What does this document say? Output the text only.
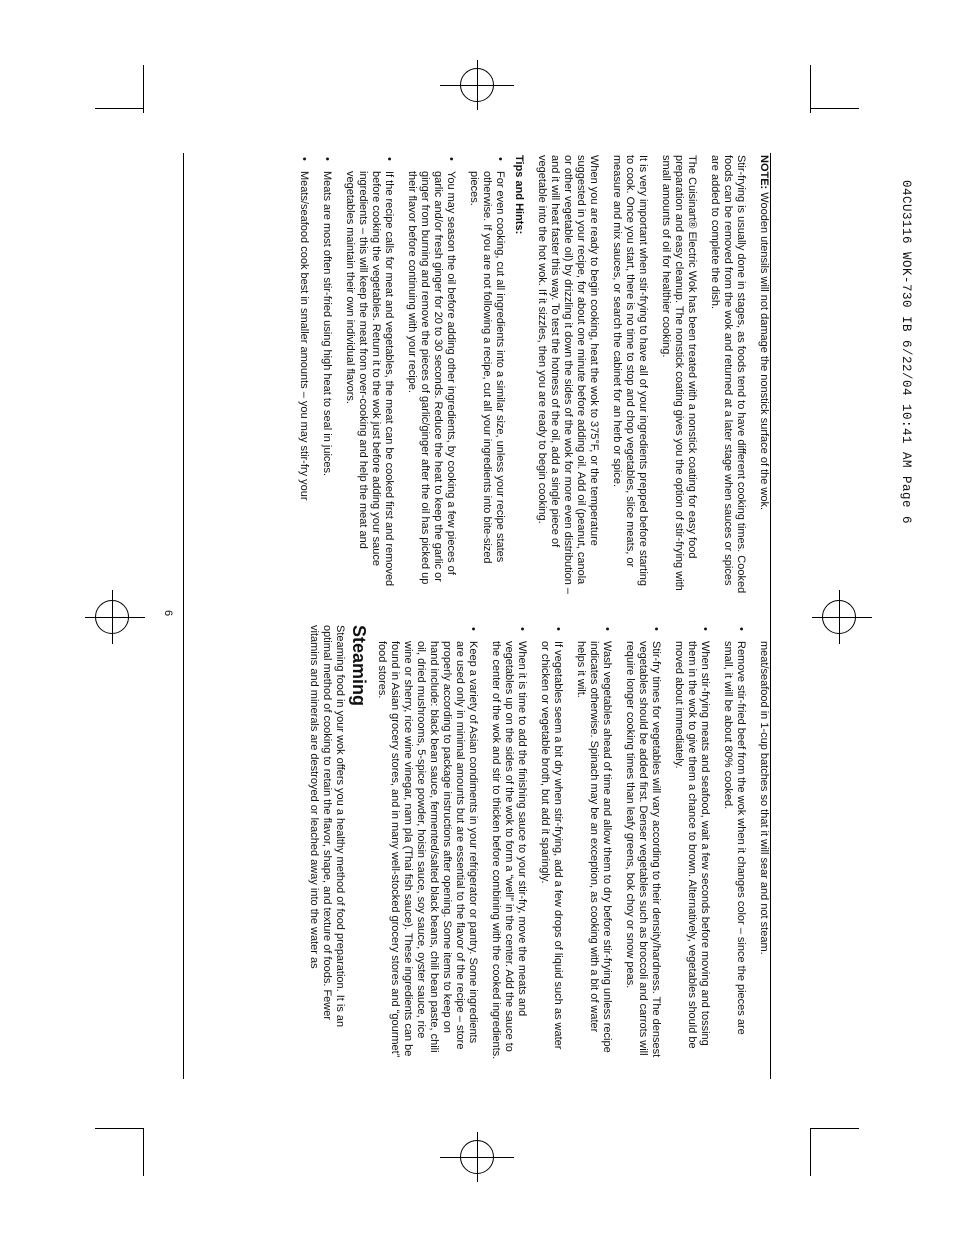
04CU3116 WOK-730 IB 6/22/04 10:41 AM Page 6
6

NOTE: Wooden utensils will not damage the nonstick surface of the wok.

Stir-frying is usually done in stages, as foods tend to have different cooking times. Cooked foods can be removed from the wok and returned at a later stage when sauces or spices are added to complete the dish.

The Cuisinart® Electric Wok has been treated with a nonstick coating for easy food preparation and easy cleanup. The nonstick coating gives you the option of stir-frying with small amounts of oil for healthier cooking.

It is very important when stir-frying to have all of your ingredients prepped before starting to cook. Once you start, there is no time to stop and chop vegetables, slice meats, or measure and mix sauces, or search the cabinet for an herb or spice.

When you are ready to begin cooking, heat the wok to 375°F, or the temperature suggested in your recipe, for about one minute before adding oil. Add oil (peanut, canola or other vegetable oil) by drizzling it down the sides of the wok for more even distribution – and it will heat faster this way. To test the hotness of the oil, add a single piece of vegetable into the hot wok. If it sizzles, then you are ready to begin cooking.

Tips and Hints:
• For even cooking, cut all ingredients into a similar size, unless your recipe states otherwise. If you are not following a recipe, cut all your ingredients into bite-sized pieces.
• You may season the oil before adding other ingredients, by cooking a few pieces of garlic and/or fresh ginger for 20 to 30 seconds. Reduce the heat to keep the garlic or ginger from burning and remove the pieces of garlic/ginger after the oil has picked up their flavor before continuing with your recipe.
• If the recipe calls for meat and vegetables, the meat can be cooked first and removed before cooking the vegetables. Return it to the wok just before adding your sauce ingredients – this will keep the meat from over-cooking and help the meat and vegetables maintain their own individual flavors.
• Meats are most often stir-fried using high heat to seal in juices.
• Meats/seafood cook best in smaller amounts – you may stir-fry your

meat/seafood in 1-cup batches so that it will sear and not steam.

• Remove stir-fried beef from the wok when it changes color – since the pieces are small, it will be about 80% cooked.
• When stir-frying meats and seafood, wait a few seconds before moving and tossing them in the wok to give them a chance to brown. Alternatively, vegetables should be moved about immediately.
• Stir-fry times for vegetables will vary according to their density/hardness. The densest vegetables should be added first. Denser vegetables such as broccoli and carrots will require longer cooking times than leafy greens, bok choy or snow peas.
• Wash vegetables ahead of time and allow them to dry before stir-frying unless recipe indicates otherwise. Spinach may be an exception, as cooking with a bit of water helps it wilt.
• If vegetables seem a bit dry when stir-frying, add a few drops of liquid such as water or chicken or vegetable broth, but add it sparingly.
• When it is time to add the finishing sauce to your stir-fry, move the meats and vegetables up on the sides of the wok to form a “well” in the center. Add the sauce to the center of the wok and stir to thicken before combining with the cooked ingredients.
• Keep a variety of Asian condiments in your refrigerator or pantry. Some ingredients are used only in minimal amounts but are essential to the flavor of the recipe – store properly according to package instructions after opening. Some items to keep on hand include: black bean sauce, fermented/salted black beans, chili bean paste, chili oil, dried mushrooms, 5-spice powder, hoisin sauce, soy sauce, oyster sauce, rice wine or sherry, rice wine vinegar, nam pla (Thai fish sauce). These ingredients can be found in Asian grocery stores, and in many well-stocked grocery stores and “gourmet” food stores.
Steaming

Steaming food in your wok offers you a healthy method of food preparation. It is an optimal method of cooking to retain the flavor, shape, and texture of foods. Fewer vitamins and minerals are destroyed or leached away into the water as
